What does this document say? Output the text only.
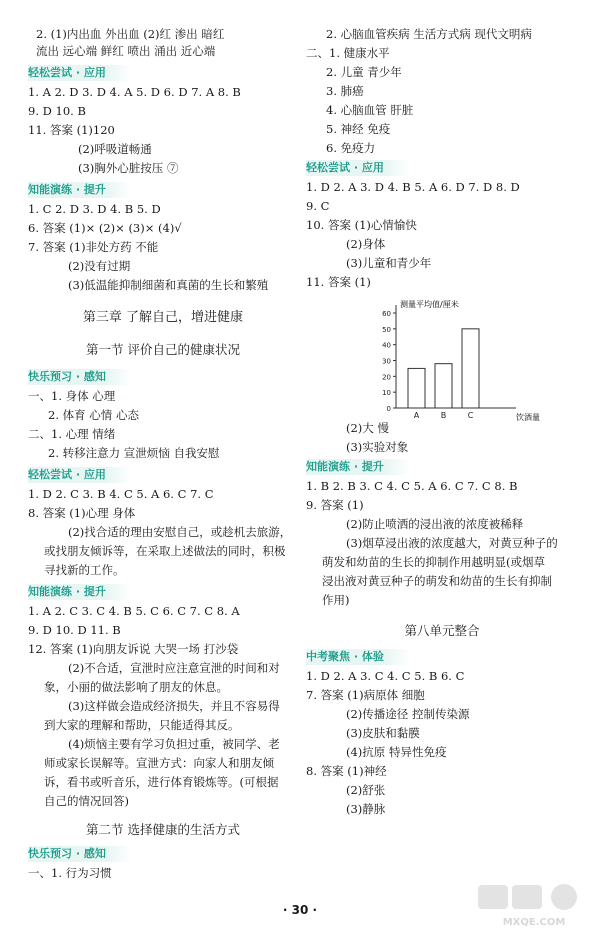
2. (1)内出血 外出血 (2)红 渗出 暗红
流出 远心端 鲜红 喷出 涌出 近心端
轻松尝试 · 应用
1. A 2. D 3. D 4. A 5. D 6. D 7. A 8. B
9. D 10. B
11. 答案 (1)120
(2)呼吸道畅通
(3)胸外心脏按压 ⑦
知能演练 · 提升
1. C 2. D 3. D 4. B 5. D
6. 答案 (1)× (2)× (3)× (4)√
7. 答案 (1)非处方药 不能
(2)没有过期
(3)低温能抑制细菌和真菌的生长和繁殖
第三章 了解自己，增进健康
第一节 评价自己的健康状况
快乐预习 · 感知
一、1. 身体 心理
2. 体育 心情 心态
二、1. 心理 情绪
2. 转移注意力 宣泄烦恼 自我安慰
轻松尝试 · 应用
1. D 2. C 3. B 4. C 5. A 6. C 7. C
8. 答案 (1)心理 身体
(2)找合适的理由安慰自己，或趁机去旅游，
或找朋友倾诉等，在采取上述做法的同时，积极
寻找新的工作。
知能演练 · 提升
1. A 2. C 3. C 4. B 5. C 6. C 7. C 8. A
9. D 10. D 11. B
12. 答案 (1)向朋友诉说 大哭一场 打沙袋
(2)不合适，宣泄时应注意宣泄的时间和对
象，小丽的做法影响了朋友的休息。
(3)这样做会造成经济损失，并且不容易得
到大家的理解和帮助，只能适得其反。
(4)烦恼主要有学习负担过重，被同学、老
师或家长误解等。宣泄方式：向家人和朋友倾
诉，看书或听音乐，进行体育锻炼等。(可根据
自己的情况回答)
第二节 选择健康的生活方式
快乐预习 · 感知
一、1. 行为习惯
测量平均值/厘米
饮酒量
0
10
20
30
40
50
60
A	B	C
2. 心脑血管疾病 生活方式病 现代文明病
二、1. 健康水平
2. 儿童 青少年
3. 肺癌
4. 心脑血管 肝脏
5. 神经 免疫
6. 免疫力
轻松尝试 · 应用
1. D 2. A 3. D 4. B 5. A 6. D 7. D 8. D
9. C
10. 答案 (1)心情愉快
(2)身体
(3)儿童和青少年
11. 答案 (1)
(2)大 慢
(3)实验对象
知能演练 · 提升
1. B 2. B 3. C 4. C 5. A 6. C 7. C 8. B
9. 答案 (1)
(2)防止喷洒的浸出液的浓度被稀释
(3)烟草浸出液的浓度越大，对黄豆种子的
萌发和幼苗的生长的抑制作用越明显(或烟草
浸出液对黄豆种子的萌发和幼苗的生长有抑制
作用)
第八单元整合
中考聚焦 · 体验
1. D 2. A 3. C 4. C 5. B 6. C
7. 答案 (1)病原体 细胞
(2)传播途径 控制传染源
(3)皮肤和黏膜
(4)抗原 特异性免疫
8. 答案 (1)神经
(2)舒张
(3)静脉
· 30 ·
MXQE.COM
